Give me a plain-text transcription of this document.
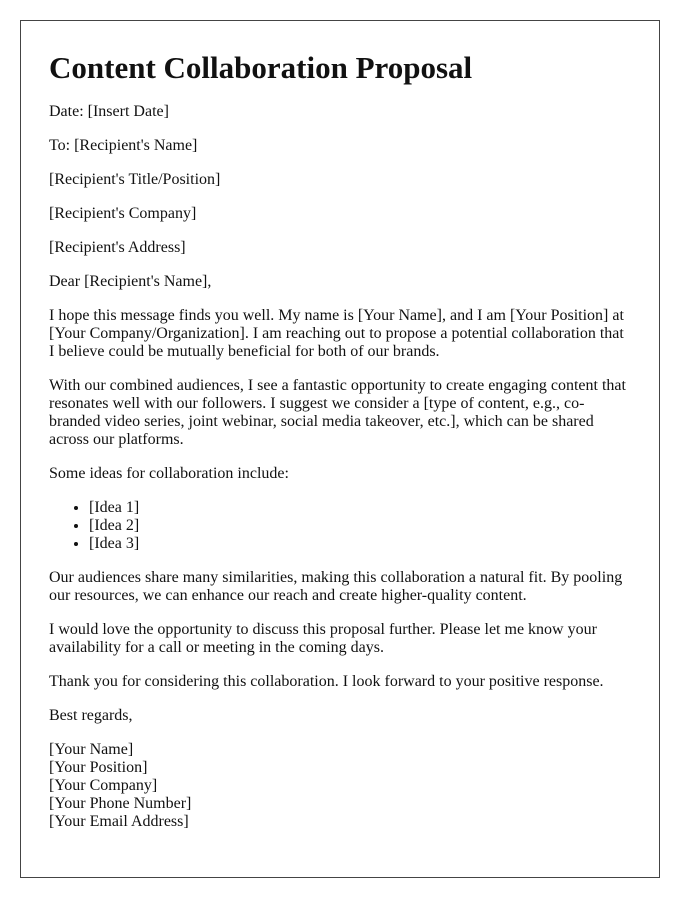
Content Collaboration Proposal

Date: [Insert Date]

To: [Recipient's Name]

[Recipient's Title/Position]

[Recipient's Company]

[Recipient's Address]

Dear [Recipient's Name],

I hope this message finds you well. My name is [Your Name], and I am [Your Position] at [Your Company/Organization]. I am reaching out to propose a potential collaboration that I believe could be mutually beneficial for both of our brands.

With our combined audiences, I see a fantastic opportunity to create engaging content that resonates well with our followers. I suggest we consider a [type of content, e.g., co-branded video series, joint webinar, social media takeover, etc.], which can be shared across our platforms.

Some ideas for collaboration include:

• [Idea 1]
• [Idea 2]
• [Idea 3]

Our audiences share many similarities, making this collaboration a natural fit. By pooling our resources, we can enhance our reach and create higher-quality content.

I would love the opportunity to discuss this proposal further. Please let me know your availability for a call or meeting in the coming days.

Thank you for considering this collaboration. I look forward to your positive response.

Best regards,

[Your Name]
[Your Position]
[Your Company]
[Your Phone Number]
[Your Email Address]
